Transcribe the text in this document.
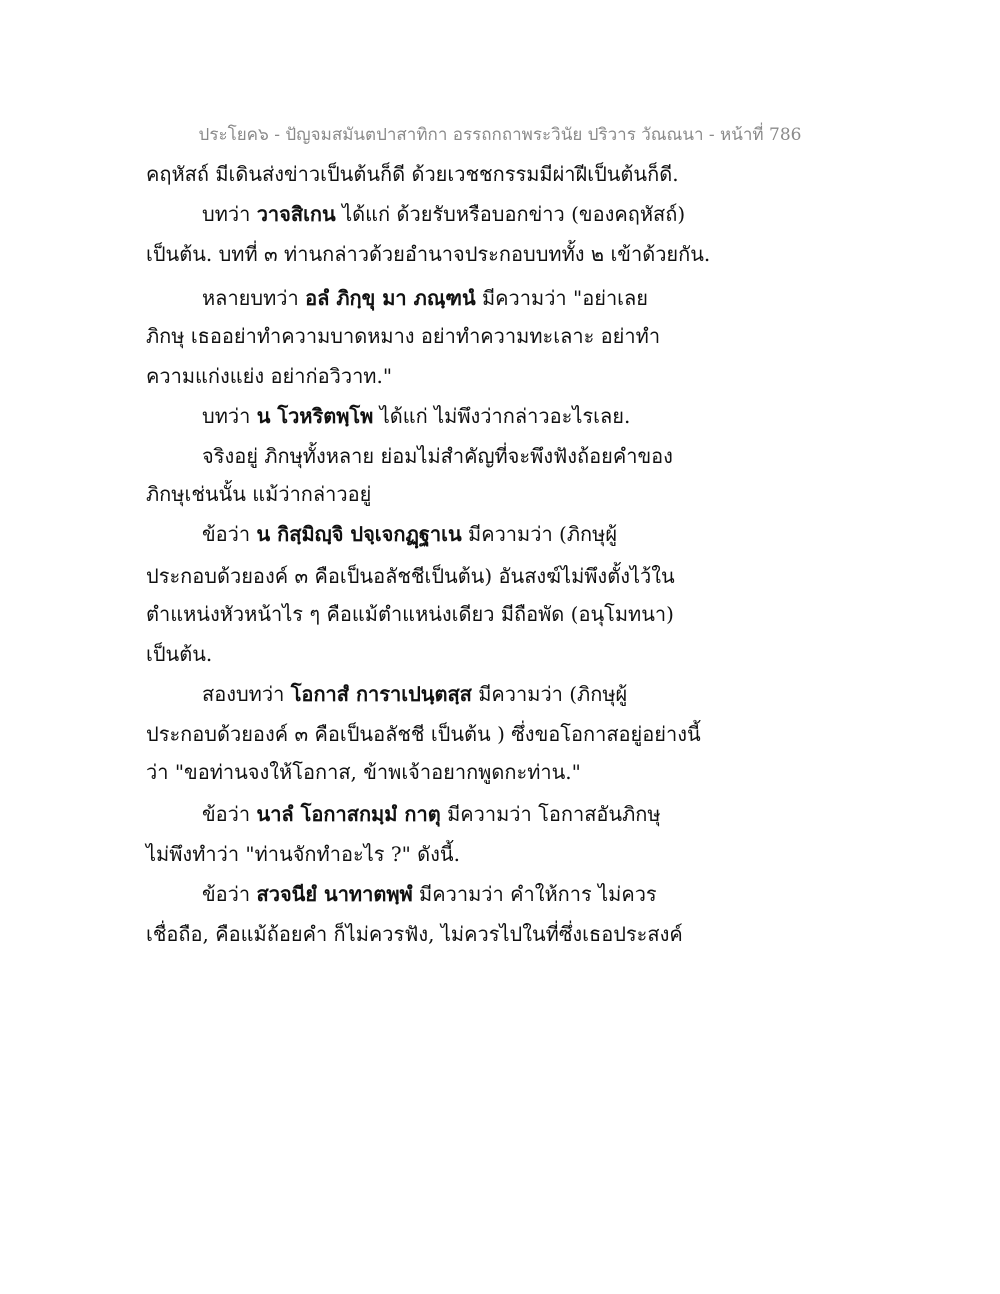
ประโยค๖ - ปัญจมสมันตปาสาทิกา อรรถกถาพระวินัย ปริวาร วัณณนา - หน้าที่ 786
คฤหัสถ์ มีเดินส่งข่าวเป็นต้นก็ดี ด้วยเวชชกรรมมีผ่าฝีเป็นต้นก็ดี.
บทว่า วาจสิเกน ได้แก่ ด้วยรับหรือบอกข่าว (ของคฤหัสถ์)
เป็นต้น. บทที่ ๓ ท่านกล่าวด้วยอำนาจประกอบบททั้ง ๒ เข้าด้วยกัน.
หลายบทว่า อลํ ภิกฺขุ มา ภณฺฑนํ มีความว่า "อย่าเลย
ภิกษุ เธออย่าทำความบาดหมาง อย่าทำความทะเลาะ อย่าทำ
ความแก่งแย่ง อย่าก่อวิวาท."
บทว่า น โวหริตพฺโพ ได้แก่ ไม่พึงว่ากล่าวอะไรเลย.
จริงอยู่ ภิกษุทั้งหลาย ย่อมไม่สำคัญที่จะพึงฟังถ้อยคำของ
ภิกษุเช่นนั้น แม้ว่ากล่าวอยู่
ข้อว่า น กิสฺมิญฺจิ ปจฺเจกฏฺฐาเน มีความว่า (ภิกษุผู้
ประกอบด้วยองค์ ๓ คือเป็นอลัชชีเป็นต้น) อันสงฆ์ไม่พึงตั้งไว้ใน
ตำแหน่งหัวหน้าไร ๆ คือแม้ตำแหน่งเดียว มีถือพัด (อนุโมทนา)
เป็นต้น.
สองบทว่า โอกาสํ การาเปนฺตสฺส มีความว่า (ภิกษุผู้
ประกอบด้วยองค์ ๓ คือเป็นอลัชชี เป็นต้น ) ซึ่งขอโอกาสอยู่อย่างนี้
ว่า "ขอท่านจงให้โอกาส, ข้าพเจ้าอยากพูดกะท่าน."
ข้อว่า นาลํ โอกาสกมฺมํ กาตุ มีความว่า โอกาสอันภิกษุ
ไม่พึงทำว่า "ท่านจักทำอะไร ?" ดังนี้.
ข้อว่า สวจนียํ นาทาตพฺพํ มีความว่า คำให้การ ไม่ควร
เชื่อถือ, คือแม้ถ้อยคำ ก็ไม่ควรฟัง, ไม่ควรไปในที่ซึ่งเธอประสงค์
